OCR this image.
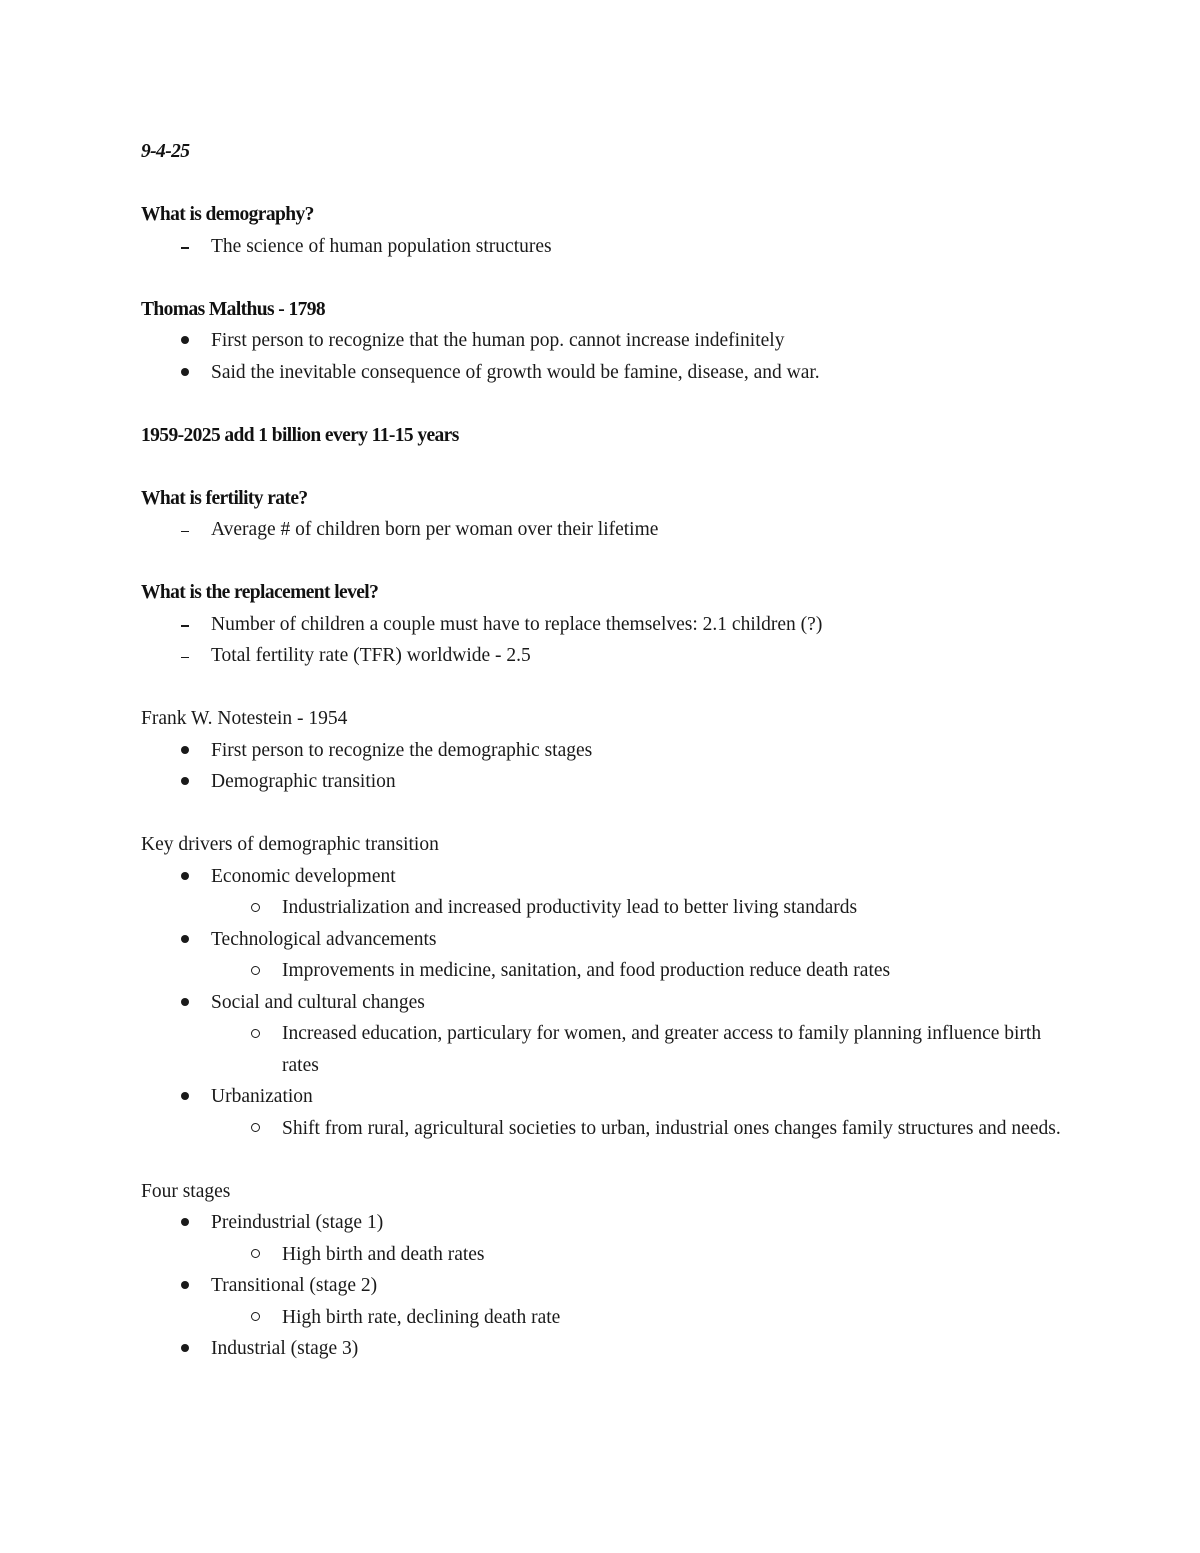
9-4-25
What is demography?
The science of human population structures
Thomas Malthus - 1798
First person to recognize that the human pop. cannot increase indefinitely
Said the inevitable consequence of growth would be famine, disease, and war.
1959-2025 add 1 billion every 11-15 years
What is fertility rate?
Average # of children born per woman over their lifetime
What is the replacement level?
Number of children a couple must have to replace themselves: 2.1 children (?)
Total fertility rate (TFR) worldwide - 2.5
Frank W. Notestein - 1954
First person to recognize the demographic stages
Demographic transition
Key drivers of demographic transition
Economic development
Industrialization and increased productivity lead to better living standards
Technological advancements
Improvements in medicine, sanitation, and food production reduce death rates
Social and cultural changes
Increased education, particulary for women, and greater access to family planning influence birth rates
Urbanization
Shift from rural, agricultural societies to urban, industrial ones changes family structures and needs.
Four stages
Preindustrial (stage 1)
High birth and death rates
Transitional (stage 2)
High birth rate, declining death rate
Industrial (stage 3)
